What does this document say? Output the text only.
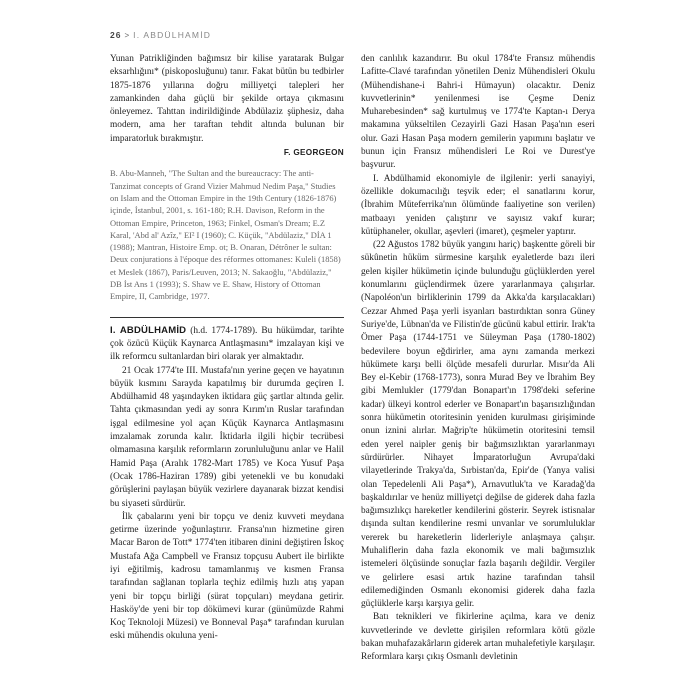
26 > I. ABDÜLHAMİD

Yunan Patrikliğinden bağımsız bir kilise yaratarak Bulgar eksarhlığını* (piskoposluğunu) tanır. Fakat bütün bu tedbirler 1875-1876 yıllarına doğru milliyetçi talepleri her zamankinden daha güçlü bir şekilde ortaya çıkmasını önleyemez. Tahttan indirildiğinde Abdülaziz şüphesiz, daha modern, ama her taraftan tehdit altında bulunan bir imparatorluk bırakmıştır.

F. GEORGEON
B. Abu-Manneh, "The Sultan and the bureaucracy: The anti-Tanzimat concepts of Grand Vizier Mahmud Nedim Paşa," Studies on Islam and the Ottoman Empire in the 19th Century (1826-1876) içinde, İstanbul, 2001, s. 161-180; R.H. Davison, Reform in the Ottoman Empire, Princeton, 1963; Finkel, Osman's Dream; E.Z Karal, 'Abd al' Azîz," EI² I (1960); C. Küçük, "Abdülaziz," DİA 1 (1988); Mantran, Histoire Emp. ot; B. Onaran, Détrôner le sultan: Deux conjurations à l'époque des réformes ottomanes: Kuleli (1858) et Meslek (1867), Paris/Leuven, 2013; N. Sakaoğlu, "Abdülaziz," DB İst Ans 1 (1993); S. Shaw ve E. Shaw, History of Ottoman Empire, II, Cambridge, 1977.

I. ABDÜLHAMİD (h.d. 1774-1789). Bu hükümdar, tarihte çok özücü Küçük Kaynarca Antlaşmasını* imzalayan kişi ve ilk reformcu sultanlardan biri olarak yer almaktadır.

21 Ocak 1774'te III. Mustafa'nın yerine geçen ve hayatının büyük kısmını Sarayda kapatılmış bir durumda geçiren I. Abdülhamid 48 yaşındayken iktidara güç şartlar altında gelir. Tahta çıkmasından yedi ay sonra Kırım'ın Ruslar tarafından işgal edilmesine yol açan Küçük Kaynarca Antlaşmasını imzalamak zorunda kalır. İktidarla ilgili hiçbir tecrübesi olmamasına karşılık reformların zorunluluğunu anlar ve Halil Hamid Paşa (Aralık 1782-Mart 1785) ve Koca Yusuf Paşa (Ocak 1786-Haziran 1789) gibi yetenekli ve bu konudaki görüşlerini paylaşan büyük vezirlere dayanarak bizzat kendisi bu siyaseti sürdürür.

İlk çabalarını yeni bir topçu ve deniz kuvveti meydana getirme üzerinde yoğunlaştırır. Fransa'nın hizmetine giren Macar Baron de Tott* 1774'ten itibaren dinini değiştiren İskoç Mustafa Ağa Campbell ve Fransız topçusu Aubert ile birlikte iyi eğitilmiş, kadrosu tamamlanmış ve kısmen Fransa tarafından sağlanan toplarla teçhiz edilmiş hızlı atış yapan yeni bir topçu birliği (sürat topçuları) meydana getirir. Hasköy'de yeni bir top dökümevi kurar (günümüzde Rahmi Koç Teknoloji Müzesi) ve Bonneval Paşa* tarafından kurulan eski mühendis okuluna yeni-

den canlılık kazandırır. Bu okul 1784'te Fransız mühendis Lafitte-Clavé tarafından yönetilen Deniz Mühendisleri Okulu (Mühendishane-i Bahri-i Hümayun) olacaktır. Deniz kuvvetlerinin* yenilenmesi ise Çeşme Deniz Muharebesinden* sağ kurtulmuş ve 1774'te Kaptan-ı Derya makamına yükseltilen Cezayirli Gazi Hasan Paşa'nın eseri olur. Gazi Hasan Paşa modern gemilerin yapımını başlatır ve bunun için Fransız mühendisleri Le Roi ve Durest'ye başvurur.

I. Abdülhamid ekonomiyle de ilgilenir: yerli sanayiyi, özellikle dokumacılığı teşvik eder; el sanatlarını korur, (İbrahim Müteferrika'nın ölümünde faaliyetine son verilen) matbaayı yeniden çalıştırır ve sayısız vakıf kurar; kütüphaneler, okullar, aşevleri (imaret), çeşmeler yaptırır.

(22 Ağustos 1782 büyük yangını hariç) başkentte göreli bir sükûnetin hüküm sürmesine karşılık eyaletlerde bazı ileri gelen kişiler hükümetin içinde bulunduğu güçlüklerden yerel konumlarını güçlendirmek üzere yararlanmaya çalışırlar. (Napoléon'un birliklerinin 1799 da Akka'da karşılacakları) Cezzar Ahmed Paşa yerli isyanları bastırdıktan sonra Güney Suriye'de, Lübnan'da ve Filistin'de gücünü kabul ettirir. Irak'ta Ömer Paşa (1744-1751 ve Süleyman Paşa (1780-1802) bedevilere boyun eğdirirler, ama aynı zamanda merkezi hükümete karşı belli ölçüde mesafeli dururlar. Mısır'da Ali Bey el-Kebir (1768-1773), sonra Murad Bey ve İbrahim Bey gibi Memlukler (1779'dan Bonapart'ın 1798'deki seferine kadar) ülkeyi kontrol ederler ve Bonapart'ın başarısızlığından sonra hükümetin otoritesinin yeniden kurulması girişiminde onun iznini alırlar. Mağrip'te hükümetin otoritesini temsil eden yerel naipler geniş bir bağımsızlıktan yararlanmayı sürdürürler. Nihayet İmparatorluğun Avrupa'daki vilayetlerinde Trakya'da, Sırbistan'da, Epir'de (Yanya valisi olan Tepedelenli Ali Paşa*), Arnavutluk'ta ve Karadağ'da başkaldırılar ve henüz milliyetçi değilse de giderek daha fazla bağımsızlıkçı hareketler kendilerini gösterir. Seyrek istisnalar dışında sultan kendilerine resmi unvanlar ve sorumluluklar vererek bu hareketlerin liderleriyle anlaşmaya çalışır. Muhaliflerin daha fazla ekonomik ve mali bağımsızlık istemeleri ölçüsünde sonuçlar fazla başarılı değildir. Vergiler ve gelirlere esasi artık hazine tarafından tahsil edilemediğinden Osmanlı ekonomisi giderek daha fazla güçlüklerle karşı karşıya gelir.

Batı teknikleri ve fikirlerine açılma, kara ve deniz kuvvetlerinde ve devlette girişilen reformlara kötü gözle bakan muhafazakârların giderek artan muhalefetiyle karşılaşır. Reformlara karşı çıkış Osmanlı devletinin
